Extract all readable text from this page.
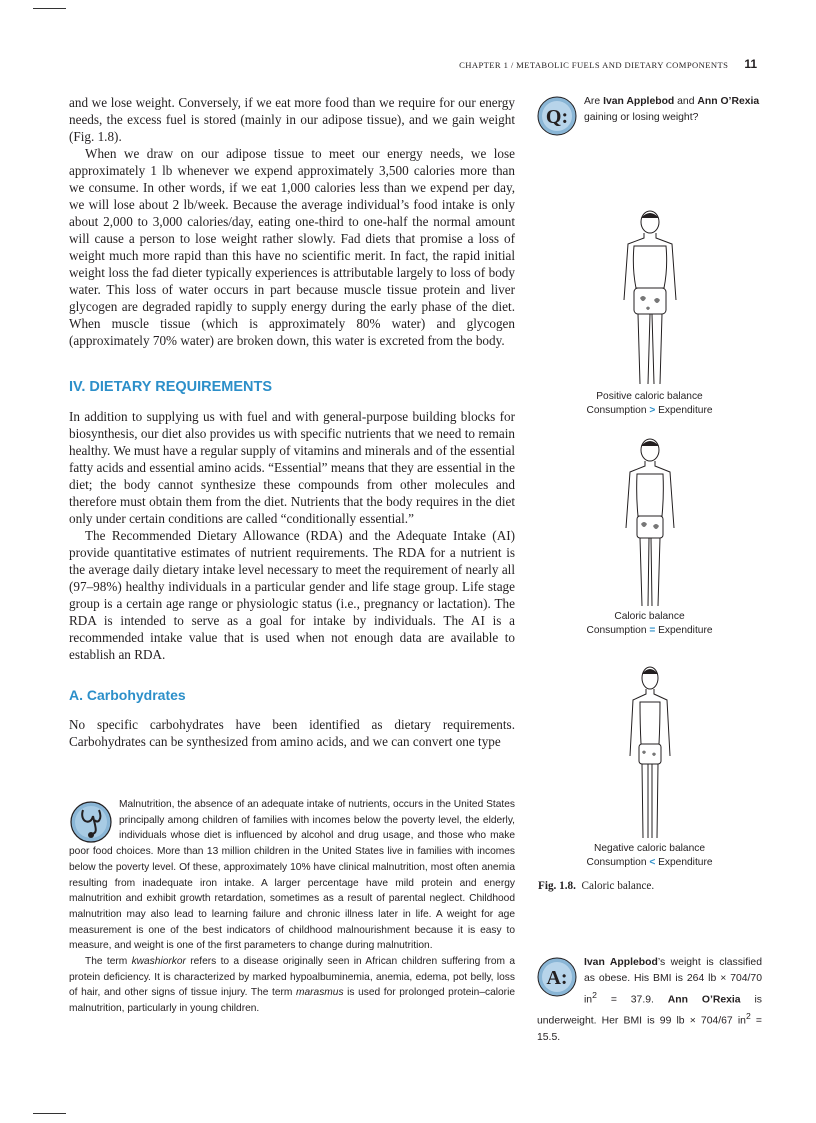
CHAPTER 1 / METABOLIC FUELS AND DIETARY COMPONENTS 11

and we lose weight. Conversely, if we eat more food than we require for our energy needs, the excess fuel is stored (mainly in our adipose tissue), and we gain weight (Fig. 1.8).

When we draw on our adipose tissue to meet our energy needs, we lose approximately 1 lb whenever we expend approximately 3,500 calories more than we consume. In other words, if we eat 1,000 calories less than we expend per day, we will lose about 2 lb/week. Because the average individual’s food intake is only about 2,000 to 3,000 calories/day, eating one-third to one-half the normal amount will cause a person to lose weight rather slowly. Fad diets that promise a loss of weight much more rapid than this have no scientific merit. In fact, the rapid initial weight loss the fad dieter typically experiences is attributable largely to loss of body water. This loss of water occurs in part because muscle tissue protein and liver glycogen are degraded rapidly to supply energy during the early phase of the diet. When muscle tissue (which is approximately 80% water) and glycogen (approximately 70% water) are broken down, this water is excreted from the body.

IV. DIETARY REQUIREMENTS

In addition to supplying us with fuel and with general-purpose building blocks for biosynthesis, our diet also provides us with specific nutrients that we need to remain healthy. We must have a regular supply of vitamins and minerals and of the essential fatty acids and essential amino acids. “Essential” means that they are essential in the diet; the body cannot synthesize these compounds from other molecules and therefore must obtain them from the diet. Nutrients that the body requires in the diet only under certain conditions are called “conditionally essential.”

The Recommended Dietary Allowance (RDA) and the Adequate Intake (AI) provide quantitative estimates of nutrient requirements. The RDA for a nutrient is the average daily dietary intake level necessary to meet the requirement of nearly all (97–98%) healthy individuals in a particular gender and life stage group. Life stage group is a certain age range or physiologic status (i.e., pregnancy or lactation). The RDA is intended to serve as a goal for intake by individuals. The AI is a recommended intake value that is used when not enough data are available to establish an RDA.

A. Carbohydrates

No specific carbohydrates have been identified as dietary requirements. Carbohydrates can be synthesized from amino acids, and we can convert one type

Malnutrition, the absence of an adequate intake of nutrients, occurs in the United States principally among children of families with incomes below the poverty level, the elderly, individuals whose diet is influenced by alcohol and drug usage, and those who make poor food choices. More than 13 million children in the United States live in families with incomes below the poverty level. Of these, approximately 10% have clinical malnutrition, most often anemia resulting from inadequate iron intake. A larger percentage have mild protein and energy malnutrition and exhibit growth retardation, sometimes as a result of parental neglect. Childhood malnutrition may also lead to learning failure and chronic illness later in life. A weight for age measurement is one of the best indicators of childhood malnourishment because it is easy to measure, and weight is one of the first parameters to change during malnutrition.

The term kwashiorkor refers to a disease originally seen in African children suffering from a protein deficiency. It is characterized by marked hypoalbuminemia, anemia, edema, pot belly, loss of hair, and other signs of tissue injury. The term marasmus is used for prolonged protein–calorie malnutrition, particularly in young children.

Q:
Are Ivan Applebod and Ann O’Rexia gaining or losing weight?
Positive caloric balance
Consumption > Expenditure
Caloric balance
Consumption = Expenditure
Negative caloric balance
Consumption < Expenditure
Fig. 1.8. Caloric balance.
A:
Ivan Applebod’s weight is classified as obese. His BMI is 264 lb × 704/70 $in^2 = 37.9$. Ann O’Rexia is underweight. Her BMI is 99 lb × 704/67 $in^2 = 15.5$.
